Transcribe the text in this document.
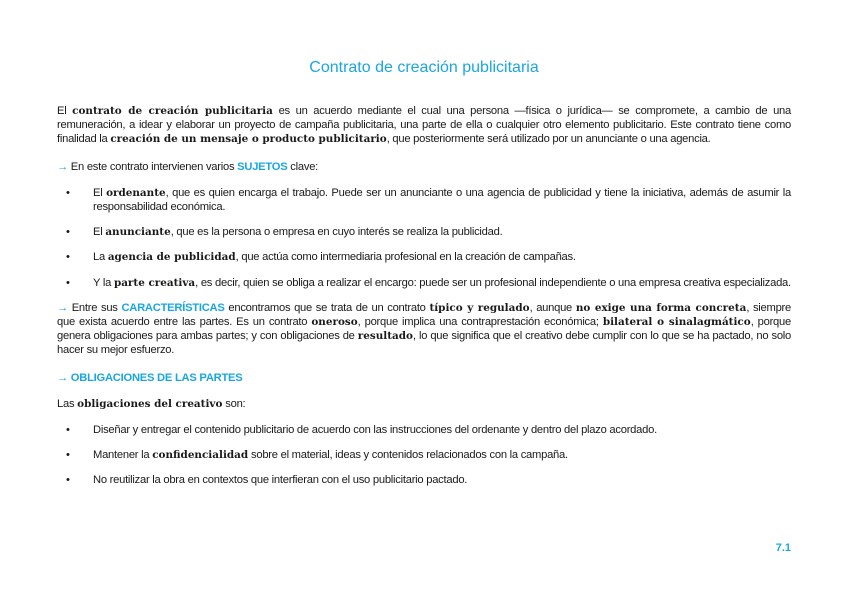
Contrato de creación publicitaria

El contrato de creación publicitaria es un acuerdo mediante el cual una persona —física o jurídica— se compromete, a cambio de una remuneración, a idear y elaborar un proyecto de campaña publicitaria, una parte de ella o cualquier otro elemento publicitario. Este contrato tiene como finalidad la creación de un mensaje o producto publicitario, que posteriormente será utilizado por un anunciante o una agencia.

→ En este contrato intervienen varios SUJETOS clave:

• El ordenante, que es quien encarga el trabajo. Puede ser un anunciante o una agencia de publicidad y tiene la iniciativa, además de asumir la responsabilidad económica.
• El anunciante, que es la persona o empresa en cuyo interés se realiza la publicidad.
• La agencia de publicidad, que actúa como intermediaria profesional en la creación de campañas.
• Y la parte creativa, es decir, quien se obliga a realizar el encargo: puede ser un profesional independiente o una empresa creativa especializada.

→ Entre sus CARACTERÍSTICAS encontramos que se trata de un contrato típico y regulado, aunque no exige una forma concreta, siempre que exista acuerdo entre las partes. Es un contrato oneroso, porque implica una contraprestación económica; bilateral o sinalagmático, porque genera obligaciones para ambas partes; y con obligaciones de resultado, lo que significa que el creativo debe cumplir con lo que se ha pactado, no solo hacer su mejor esfuerzo.

→ OBLIGACIONES DE LAS PARTES

Las obligaciones del creativo son:

• Diseñar y entregar el contenido publicitario de acuerdo con las instrucciones del ordenante y dentro del plazo acordado.
• Mantener la confidencialidad sobre el material, ideas y contenidos relacionados con la campaña.
• No reutilizar la obra en contextos que interfieran con el uso publicitario pactado.
7.1
